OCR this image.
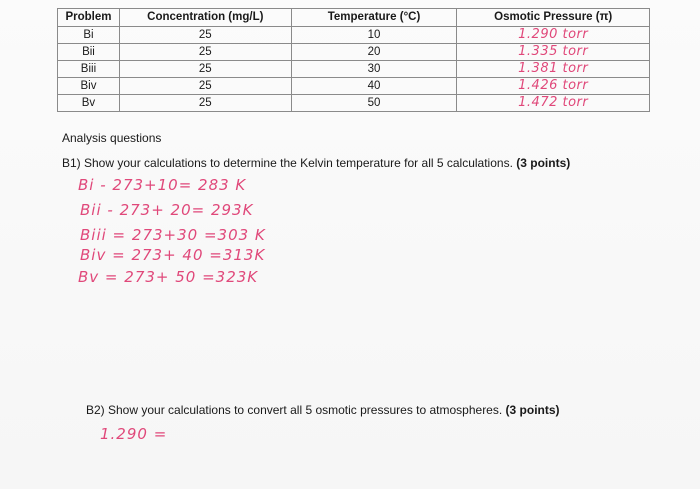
Problem	Concentration (mg/L)	Temperature (°C)	Osmotic Pressure (π)
Bi	25	10	1.290 torr
Bii	25	20	1.335 torr
Biii	25	30	1.381 torr
Biv	25	40	1.426 torr
Bv	25	50	1.472 torr
Analysis questions
B1) Show your calculations to determine the Kelvin temperature for all 5 calculations. (3 points)
Bi - 273+10= 283 K
Bii - 273+ 20= 293K
Biii = 273+30 =303 K
Biv = 273+ 40 =313K
Bv = 273+ 50 =323K
B2) Show your calculations to convert all 5 osmotic pressures to atmospheres. (3 points)
1.290 =
